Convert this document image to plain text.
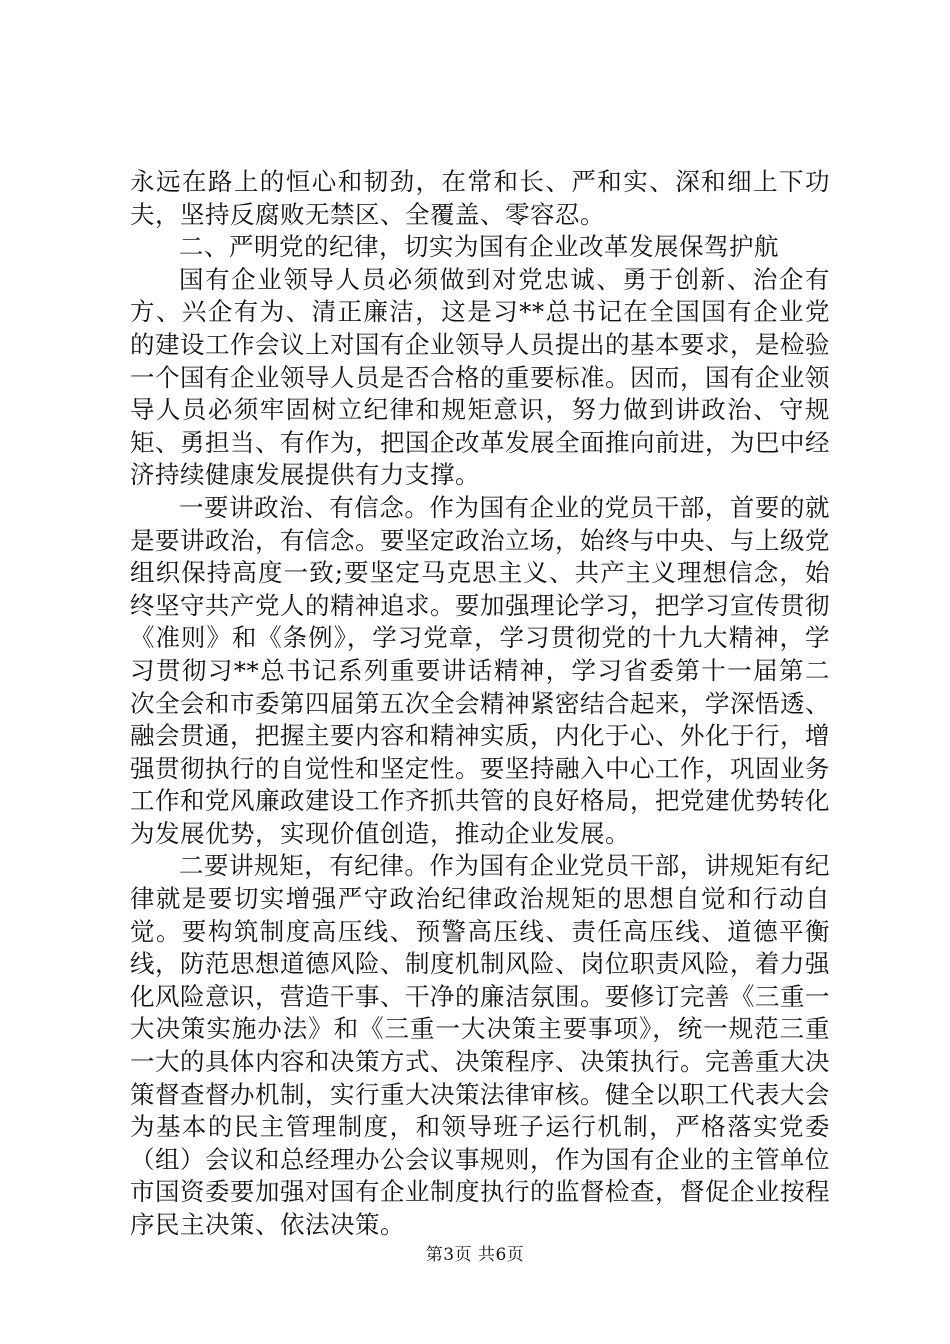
永远在路上的恒心和韧劲，在常和长、严和实、深和细上下功夫，坚持反腐败无禁区、全覆盖、零容忍。

二、严明党的纪律，切实为国有企业改革发展保驾护航

国有企业领导人员必须做到对党忠诚、勇于创新、治企有方、兴企有为、清正廉洁，这是习**总书记在全国国有企业党的建设工作会议上对国有企业领导人员提出的基本要求，是检验一个国有企业领导人员是否合格的重要标准。因而，国有企业领导人员必须牢固树立纪律和规矩意识，努力做到讲政治、守规矩、勇担当、有作为，把国企改革发展全面推向前进，为巴中经济持续健康发展提供有力支撑。

一要讲政治、有信念。作为国有企业的党员干部，首要的就是要讲政治，有信念。要坚定政治立场，始终与中央、与上级党组织保持高度一致;要坚定马克思主义、共产主义理想信念，始终坚守共产党人的精神追求。要加强理论学习，把学习宣传贯彻《准则》和《条例》，学习党章，学习贯彻党的十九大精神，学习贯彻习**总书记系列重要讲话精神，学习省委第十一届第二次全会和市委第四届第五次全会精神紧密结合起来，学深悟透、融会贯通，把握主要内容和精神实质，内化于心、外化于行，增强贯彻执行的自觉性和坚定性。要坚持融入中心工作，巩固业务工作和党风廉政建设工作齐抓共管的良好格局，把党建优势转化为发展优势，实现价值创造，推动企业发展。

二要讲规矩，有纪律。作为国有企业党员干部，讲规矩有纪律就是要切实增强严守政治纪律政治规矩的思想自觉和行动自觉。要构筑制度高压线、预警高压线、责任高压线、道德平衡线，防范思想道德风险、制度机制风险、岗位职责风险，着力强化风险意识，营造干事、干净的廉洁氛围。要修订完善《三重一大决策实施办法》和《三重一大决策主要事项》，统一规范三重一大的具体内容和决策方式、决策程序、决策执行。完善重大决策督查督办机制，实行重大决策法律审核。健全以职工代表大会为基本的民主管理制度，和领导班子运行机制，严格落实党委（组）会议和总经理办公会议事规则，作为国有企业的主管单位市国资委要加强对国有企业制度执行的监督检查，督促企业按程序民主决策、依法决策。

第3页 共6页
